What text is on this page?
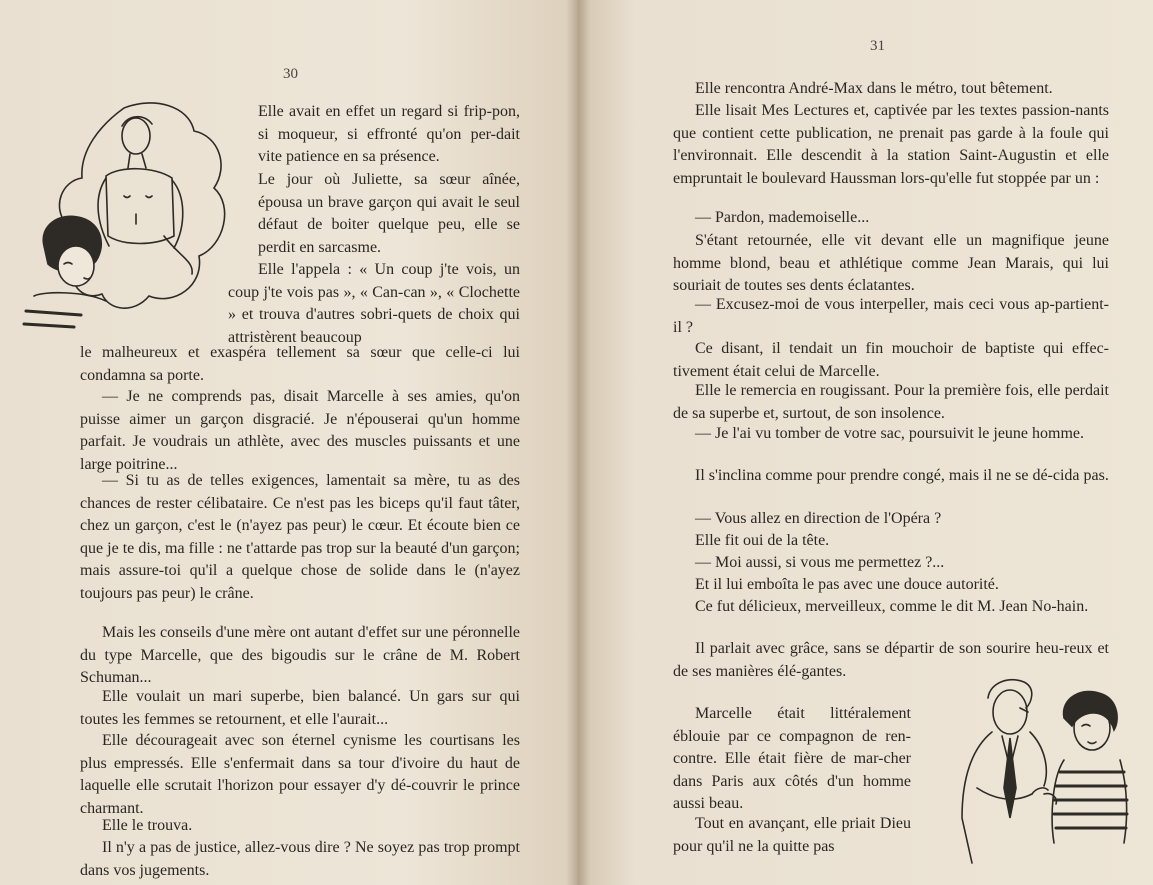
30

Elle avait en effet un regard si frip-pon, si moqueur, si effronté qu'on per-dait vite patience en sa présence.

Le jour où Juliette, sa sœur aînée, épousa un brave garçon qui avait le seul défaut de boiter quelque peu, elle se perdit en sarcasme.

Elle l'appela : « Un coup j'te vois, un coup j'te vois pas », « Can-can », « Clochette » et trouva d'autres sobri-quets de choix qui attristèrent beaucoup

le malheureux et exaspéra tellement sa sœur que celle-ci lui condamna sa porte.

— Je ne comprends pas, disait Marcelle à ses amies, qu'on puisse aimer un garçon disgracié. Je n'épouserai qu'un homme parfait. Je voudrais un athlète, avec des muscles puissants et une large poitrine...

— Si tu as de telles exigences, lamentait sa mère, tu as des chances de rester célibataire. Ce n'est pas les biceps qu'il faut tâter, chez un garçon, c'est le (n'ayez pas peur) le cœur. Et écoute bien ce que je te dis, ma fille : ne t'attarde pas trop sur la beauté d'un garçon; mais assure-toi qu'il a quelque chose de solide dans le (n'ayez toujours pas peur) le crâne.

Mais les conseils d'une mère ont autant d'effet sur une péronnelle du type Marcelle, que des bigoudis sur le crâne de M. Robert Schuman...

Elle voulait un mari superbe, bien balancé. Un gars sur qui toutes les femmes se retournent, et elle l'aurait...

Elle décourageait avec son éternel cynisme les courtisans les plus empressés. Elle s'enfermait dans sa tour d'ivoire du haut de laquelle elle scrutait l'horizon pour essayer d'y dé-couvrir le prince charmant.

Elle le trouva.

Il n'y a pas de justice, allez-vous dire ? Ne soyez pas trop prompt dans vos jugements.

31

Elle rencontra André-Max dans le métro, tout bêtement.

Elle lisait Mes Lectures et, captivée par les textes passion-nants que contient cette publication, ne prenait pas garde à la foule qui l'environnait. Elle descendit à la station Saint-Augustin et elle empruntait le boulevard Haussman lors-qu'elle fut stoppée par un :

— Pardon, mademoiselle...

S'étant retournée, elle vit devant elle un magnifique jeune homme blond, beau et athlétique comme Jean Marais, qui lui souriait de toutes ses dents éclatantes.

— Excusez-moi de vous interpeller, mais ceci vous ap-partient-il ?

Ce disant, il tendait un fin mouchoir de baptiste qui effec-tivement était celui de Marcelle.

Elle le remercia en rougissant. Pour la première fois, elle perdait de sa superbe et, surtout, de son insolence.

— Je l'ai vu tomber de votre sac, poursuivit le jeune homme.

Il s'inclina comme pour prendre congé, mais il ne se dé-cida pas.

— Vous allez en direction de l'Opéra ?

Elle fit oui de la tête.

— Moi aussi, si vous me permettez ?...

Et il lui emboîta le pas avec une douce autorité.

Ce fut délicieux, merveilleux, comme le dit M. Jean No-hain.

Il parlait avec grâce, sans se départir de son sourire heu-reux et de ses manières élé-gantes.

Marcelle était littéralement éblouie par ce compagnon de ren-contre. Elle était fière de mar-cher dans Paris aux côtés d'un homme aussi beau.

Tout en avançant, elle priait Dieu pour qu'il ne la quitte pas
